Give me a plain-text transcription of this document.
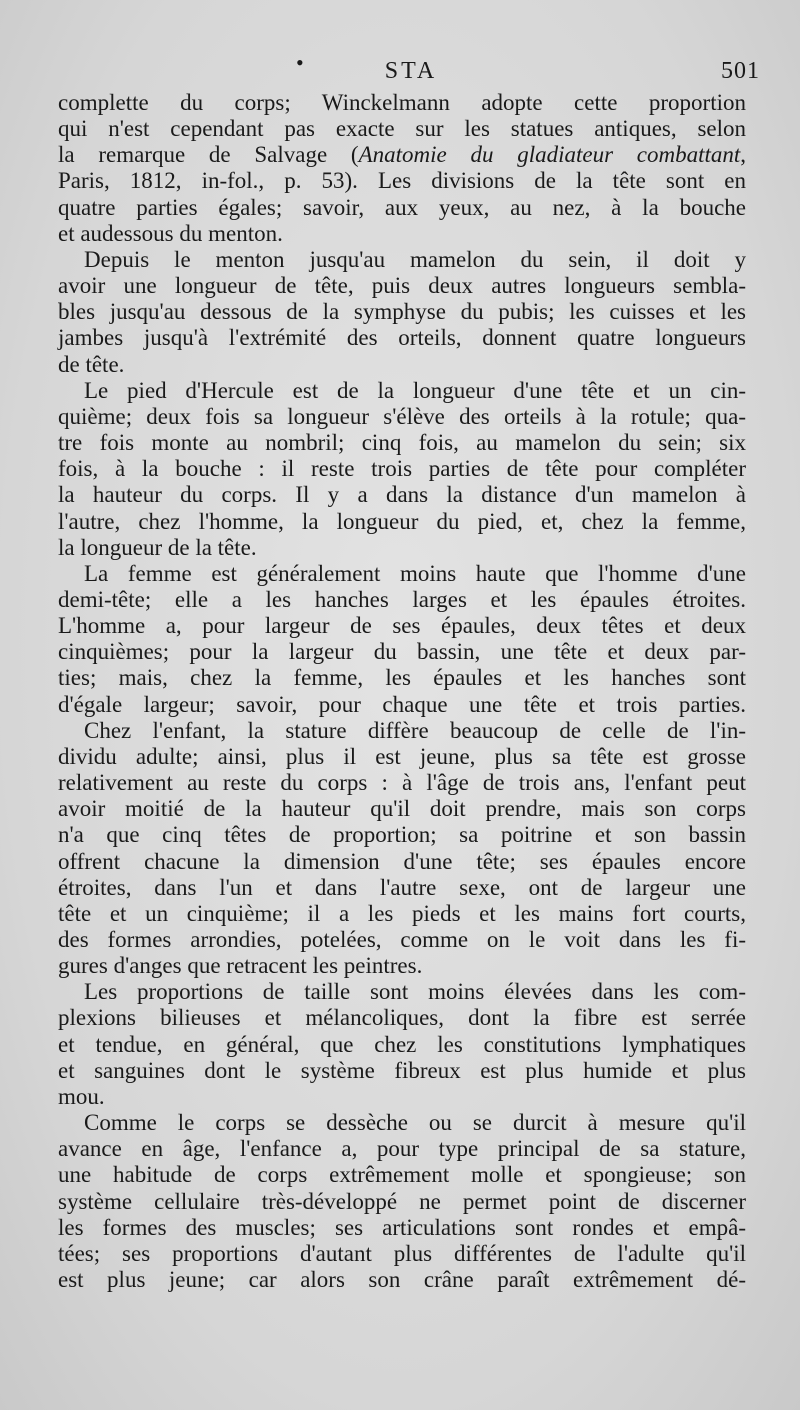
•	STA	501
complette du corps; Winckelmann adopte cette proportion
qui n'est cependant pas exacte sur les statues antiques, selon
la remarque de Salvage (Anatomie du gladiateur combattant,
Paris, 1812, in-fol., p. 53). Les divisions de la tête sont en
quatre parties égales; savoir, aux yeux, au nez, à la bouche
et audessous du menton.
Depuis le menton jusqu'au mamelon du sein, il doit y
avoir une longueur de tête, puis deux autres longueurs sembla-
bles jusqu'au dessous de la symphyse du pubis; les cuisses et les
jambes jusqu'à l'extrémité des orteils, donnent quatre longueurs
de tête.
Le pied d'Hercule est de la longueur d'une tête et un cin-
quième; deux fois sa longueur s'élève des orteils à la rotule; qua-
tre fois monte au nombril; cinq fois, au mamelon du sein; six
fois, à la bouche : il reste trois parties de tête pour compléter
la hauteur du corps. Il y a dans la distance d'un mamelon à
l'autre, chez l'homme, la longueur du pied, et, chez la femme,
la longueur de la tête.
La femme est généralement moins haute que l'homme d'une
demi-tête; elle a les hanches larges et les épaules étroites.
L'homme a, pour largeur de ses épaules, deux têtes et deux
cinquièmes; pour la largeur du bassin, une tête et deux par-
ties; mais, chez la femme, les épaules et les hanches sont
d'égale largeur; savoir, pour chaque une tête et trois parties.
Chez l'enfant, la stature diffère beaucoup de celle de l'in-
dividu adulte; ainsi, plus il est jeune, plus sa tête est grosse
relativement au reste du corps : à l'âge de trois ans, l'enfant peut
avoir moitié de la hauteur qu'il doit prendre, mais son corps
n'a que cinq têtes de proportion; sa poitrine et son bassin
offrent chacune la dimension d'une tête; ses épaules encore
étroites, dans l'un et dans l'autre sexe, ont de largeur une
tête et un cinquième; il a les pieds et les mains fort courts,
des formes arrondies, potelées, comme on le voit dans les fi-
gures d'anges que retracent les peintres.
Les proportions de taille sont moins élevées dans les com-
plexions bilieuses et mélancoliques, dont la fibre est serrée
et tendue, en général, que chez les constitutions lymphatiques
et sanguines dont le système fibreux est plus humide et plus
mou.
Comme le corps se dessèche ou se durcit à mesure qu'il
avance en âge, l'enfance a, pour type principal de sa stature,
une habitude de corps extrêmement molle et spongieuse; son
système cellulaire très-développé ne permet point de discerner
les formes des muscles; ses articulations sont rondes et empâ-
tées; ses proportions d'autant plus différentes de l'adulte qu'il
est plus jeune; car alors son crâne paraît extrêmement dé-
